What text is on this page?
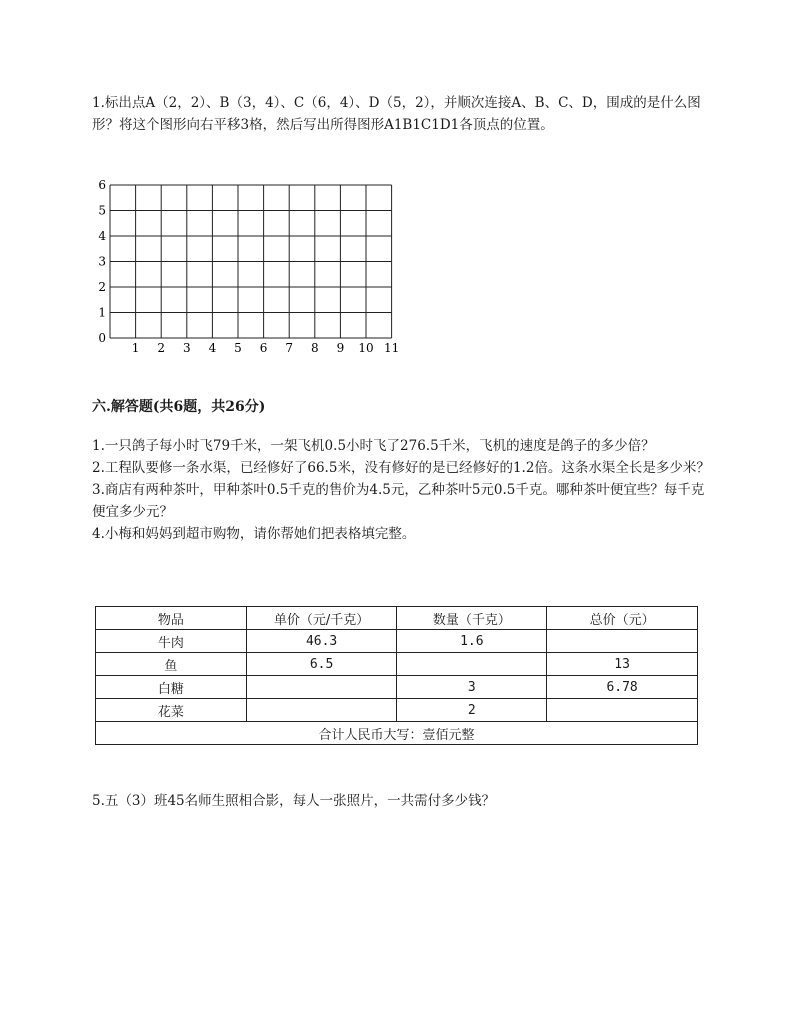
1.标出点A（2，2）、B（3，4）、C（6，4）、D（5，2），并顺次连接A、B、C、D，围成的是什么图形？将这个图形向右平移3格，然后写出所得图形A1B1C1D1各顶点的位置。
1 2 3 4 5 6 7 8 9 10 11
0
1
2
3
4
5
6
六.解答题(共6题，共26分)

1.一只鸽子每小时飞79千米，一架飞机0.5小时飞了276.5千米，飞机的速度是鸽子的多少倍？

2.工程队要修一条水渠，已经修好了66.5米，没有修好的是已经修好的1.2倍。这条水渠全长是多少米？

3.商店有两种茶叶，甲种茶叶0.5千克的售价为4.5元，乙种茶叶5元0.5千克。哪种茶叶便宜些？每千克便宜多少元？

4.小梅和妈妈到超市购物，请你帮她们把表格填完整。

物品	单价（元/千克）	数量（千克）	总价（元）
牛肉	46.3	1.6	
鱼	6.5		13
白糖		3	6.78
花菜		2	
合计人民币大写：壹佰元整			
5.五（3）班45名师生照相合影，每人一张照片，一共需付多少钱？
